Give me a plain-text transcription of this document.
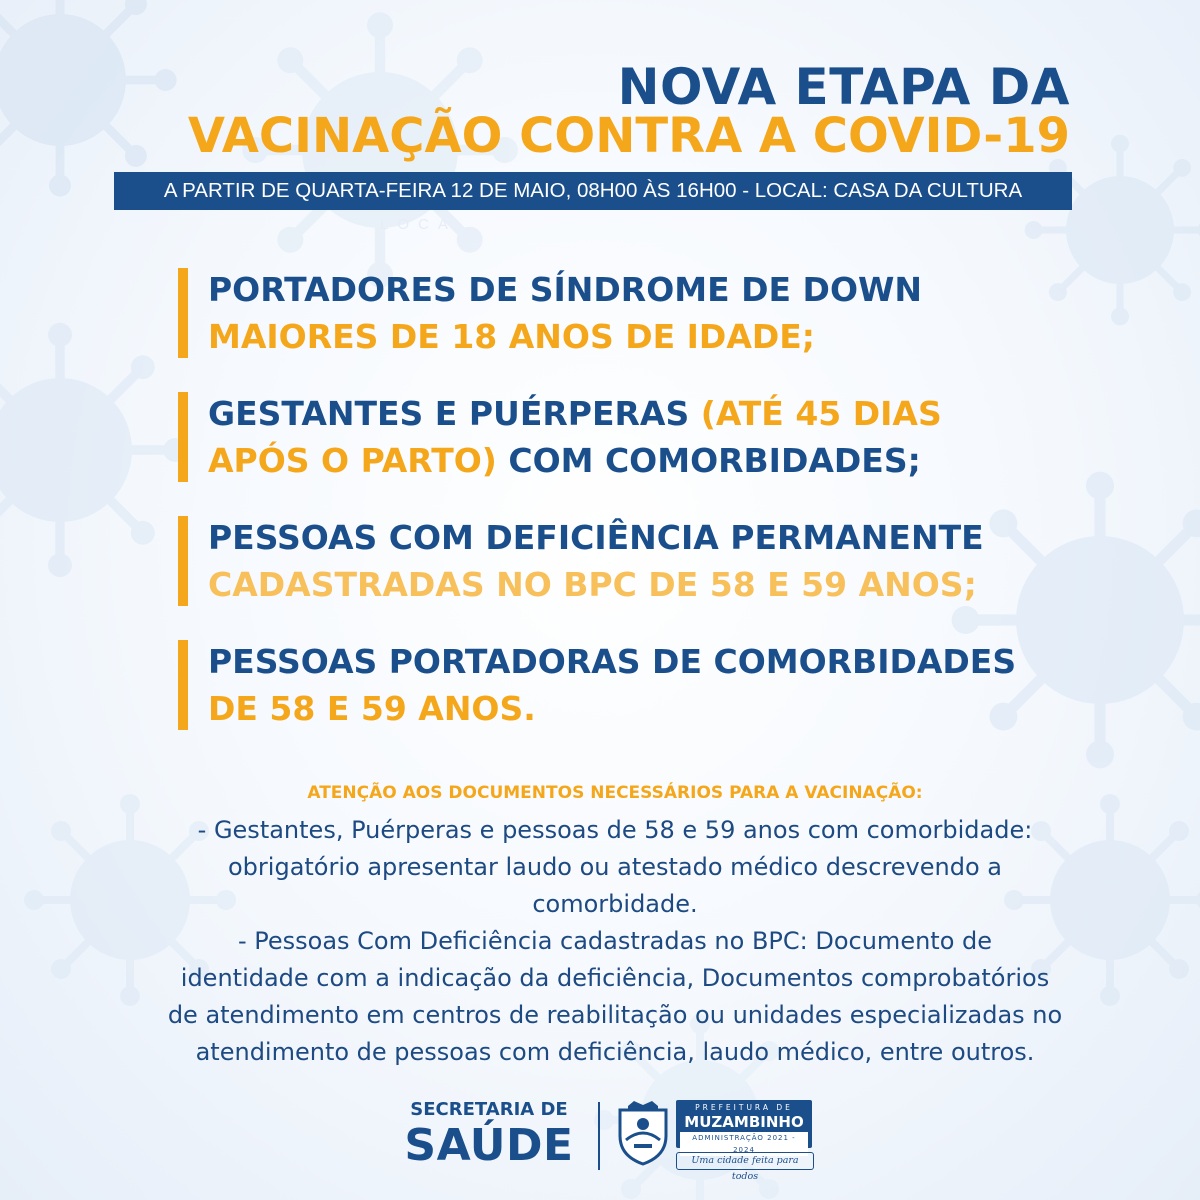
NOVA ETAPA DA
VACINAÇÃO CONTRA A COVID-19
A PARTIR DE QUARTA-FEIRA 12 DE MAIO, 08H00 ÀS 16H00 - LOCAL: CASA DA CULTURA
LOCA
PORTADORES DE SÍNDROME DE DOWN
MAIORES DE 18 ANOS DE IDADE;
GESTANTES E PUÉRPERAS (ATÉ 45 DIAS
APÓS O PARTO) COM COMORBIDADES;
PESSOAS COM DEFICIÊNCIA PERMANENTE
CADASTRADAS NO BPC DE 58 E 59 ANOS;
PESSOAS PORTADORAS DE COMORBIDADES
DE 58 E 59 ANOS.
ATENÇÃO AOS DOCUMENTOS NECESSÁRIOS PARA A VACINAÇÃO:

- Gestantes, Puérperas e pessoas de 58 e 59 anos com comorbidade:

obrigatório apresentar laudo ou atestado médico descrevendo a

comorbidade.

- Pessoas Com Deficiência cadastradas no BPC: Documento de

identidade com a indicação da deficiência, Documentos comprobatórios

de atendimento em centros de reabilitação ou unidades especializadas no

atendimento de pessoas com deficiência, laudo médico, entre outros.

SECRETARIA DE
SAÚDE
PREFEITURA DE
MUZAMBINHO
ADMINISTRAÇÃO 2021 - 2024
Uma cidade feita para todos
